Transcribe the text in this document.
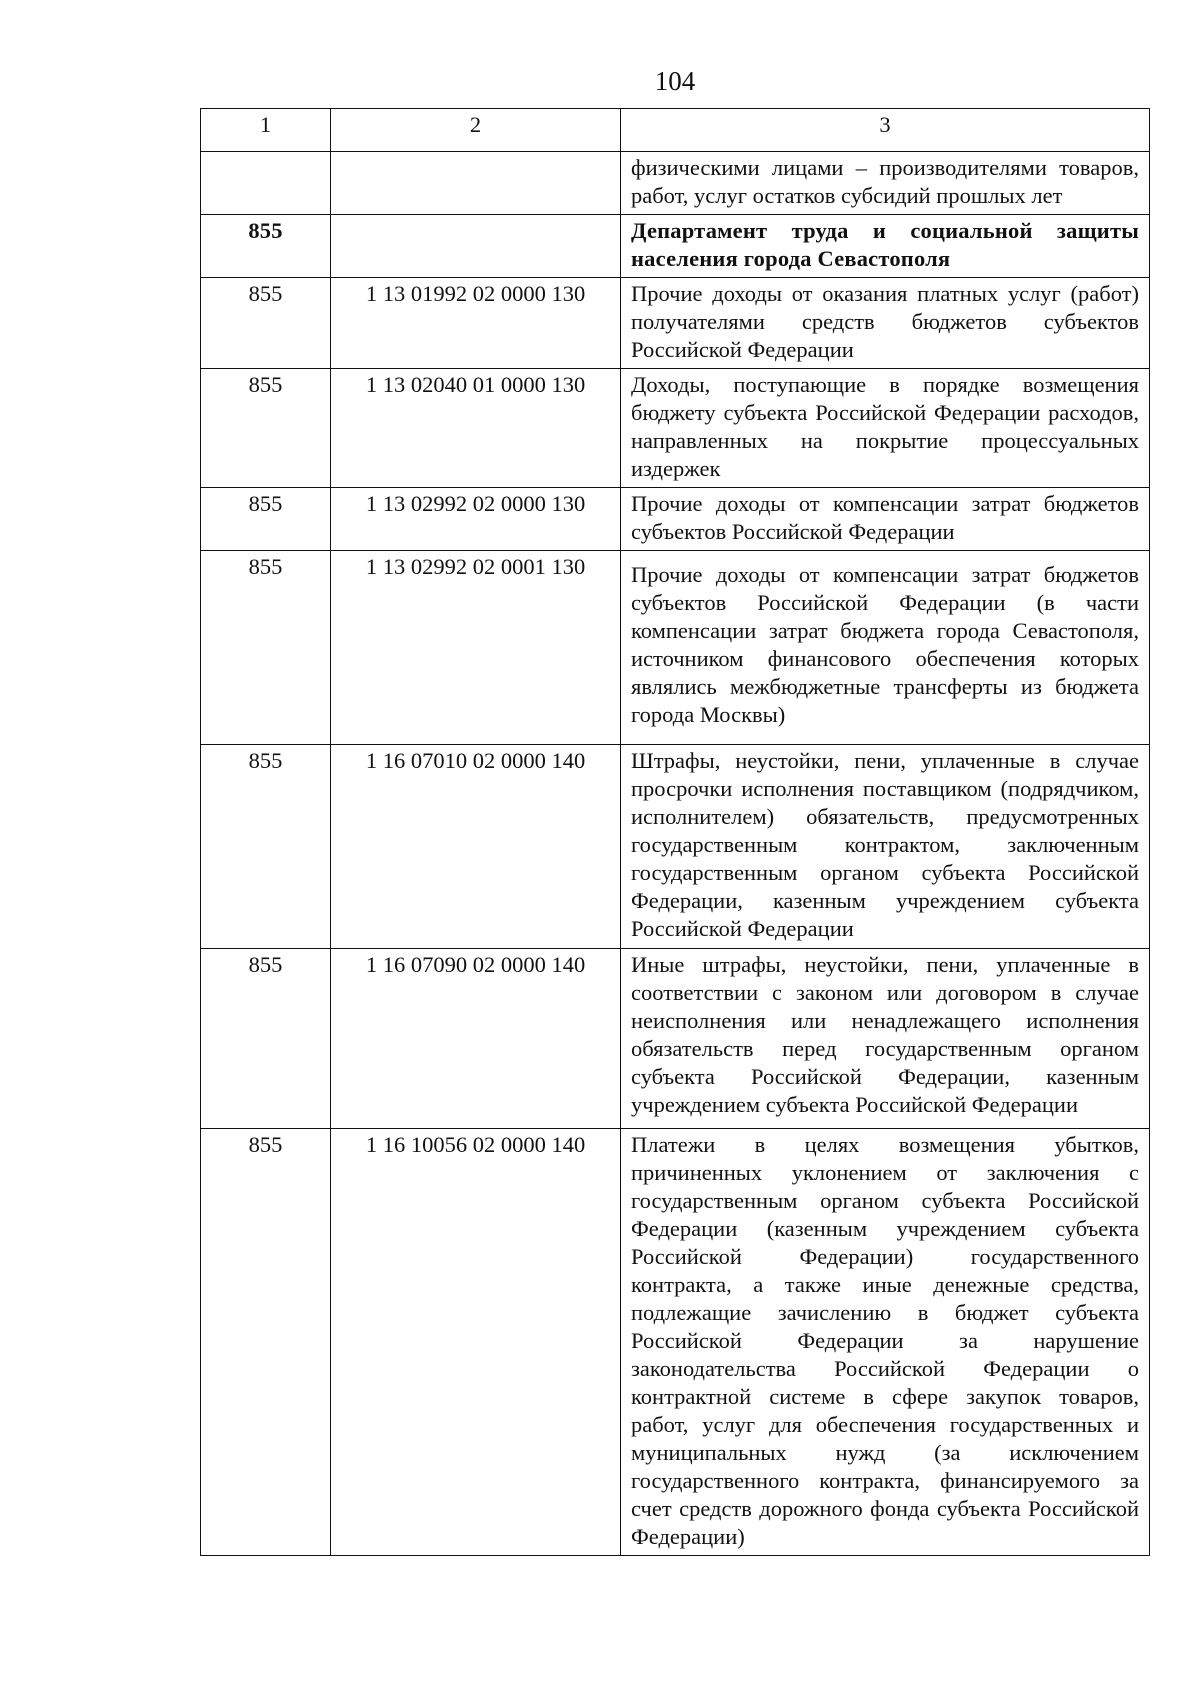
104
1	2	3
		физическими лицами – производителями товаров, работ, услуг остатков субсидий прошлых лет
855		Департамент труда и социальной защиты населения города Севастополя
855	1 13 01992 02 0000 130	Прочие доходы от оказания платных услуг (работ) получателями средств бюджетов субъектов Российской Федерации
855	1 13 02040 01 0000 130	Доходы, поступающие в порядке возмещения бюджету субъекта Российской Федерации расходов, направленных на покрытие процессуальных издержек
855	1 13 02992 02 0000 130	Прочие доходы от компенсации затрат бюджетов субъектов Российской Федерации
855	1 13 02992 02 0001 130	Прочие доходы от компенсации затрат бюджетов субъектов Российской Федерации (в части компенсации затрат бюджета города Севастополя, источником финансового обеспечения которых являлись межбюджетные трансферты из бюджета города Москвы)
855	1 16 07010 02 0000 140	Штрафы, неустойки, пени, уплаченные в случае просрочки исполнения поставщиком (подрядчиком, исполнителем) обязательств, предусмотренных государственным контрактом, заключенным государственным органом субъекта Российской Федерации, казенным учреждением субъекта Российской Федерации
855	1 16 07090 02 0000 140	Иные штрафы, неустойки, пени, уплаченные в соответствии с законом или договором в случае неисполнения или ненадлежащего исполнения обязательств перед государственным органом субъекта Российской Федерации, казенным учреждением субъекта Российской Федерации
855	1 16 10056 02 0000 140	Платежи в целях возмещения убытков, причиненных уклонением от заключения с государственным органом субъекта Российской Федерации (казенным учреждением субъекта Российской Федерации) государственного контракта, а также иные денежные средства, подлежащие зачислению в бюджет субъекта Российской Федерации за нарушение законодательства Российской Федерации о контрактной системе в сфере закупок товаров, работ, услуг для обеспечения государственных и муниципальных нужд (за исключением государственного контракта, финансируемого за счет средств дорожного фонда субъекта Российской Федерации)
